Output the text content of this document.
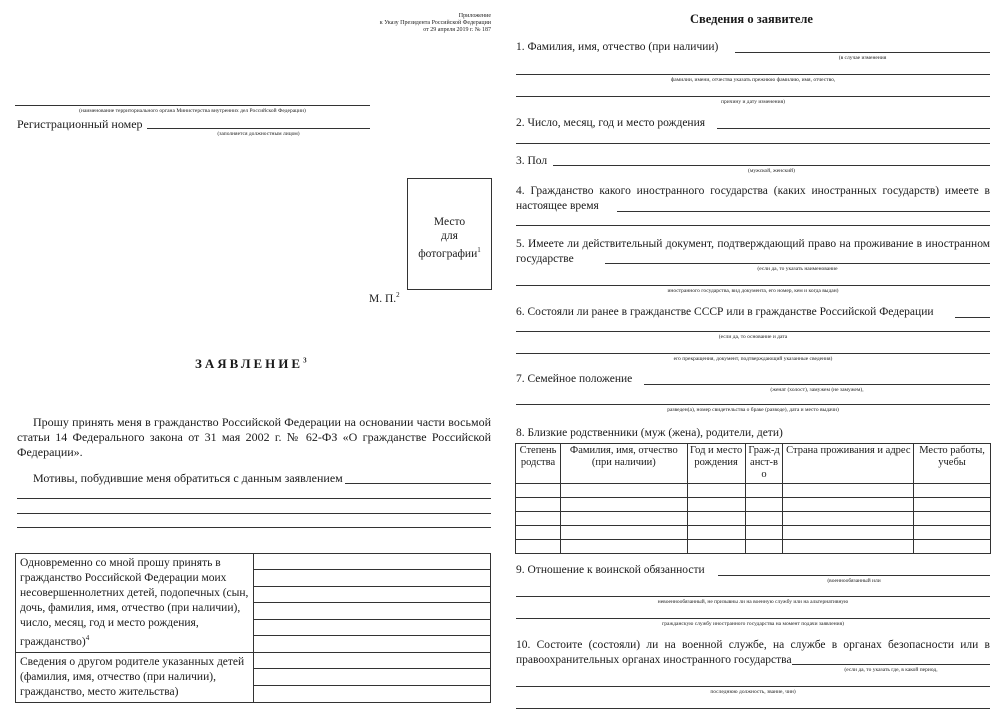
Приложение
к Указу Президента Российской Федерации
от 29 апреля 2019 г. № 187
(наименование территориального органа Министерства внутренних дел Российской Федерации)
Регистрационный номер
(заполняется должностным лицом)
Место
для
фотографии$^1$
М. П.$^2$
ЗАЯВЛЕНИЕ$^3$
Прошу принять меня в гражданство Российской Федерации на основании части восьмой статьи 14 Федерального закона от 31 мая 2002 г. № 62-ФЗ «О гражданстве Российской Федерации».
Мотивы, побудившие меня обратиться с данным заявлением
Одновременно со мной прошу принять в гражданство Российской Федерации моих несовершеннолетних детей, подопечных (сын, дочь, фамилия, имя, отчество (при наличии), число, месяц, год и место рождения, гражданство)$^4$	

Сведения о другом родителе указанных детей (фамилия, имя, отчество (при наличии), гражданство, место жительства)	

Сведения о заявителе
1. Фамилия, имя, отчество (при наличии)
(в случае изменения
фамилии, имени, отчества указать прежнюю фамилию, имя, отчество,
причину и дату изменения)
2. Число, месяц, год и место рождения
3. Пол
(мужской, женский)
4. Гражданство какого иностранного государства (каких иностранных государств) имеете в настоящее время
5. Имеете ли действительный документ, подтверждающий право на проживание в иностранном государстве
(если да, то указать наименование
иностранного государства, вид документа, его номер, кем и когда выдан)
6. Состояли ли ранее в гражданстве СССР или в гражданстве Российской Федерации
(если да, то основание и дата
его прекращения, документ, подтверждающий указанные сведения)
7. Семейное положение
(женат (холост), замужем (не замужем),
разведен(а), номер свидетельства о браке (разводе), дата и место выдачи)
8. Близкие родственники (муж (жена), родители, дети)
Степень родства	Фамилия, имя, отчество (при наличии)	Год и место рождения	Граж-данст-во	Страна проживания и адрес	Место работы, учебы

9. Отношение к воинской обязанности
(военнообязанный или
невоеннообязанный, не призывны ли на военную службу или на альтернативную
гражданскую службу иностранного государства на момент подачи заявления)
10. Состоите (состояли) ли на военной службе, на службе в органах безопасности или в правоохранительных органах иностранного государства
(если да, то указать где, в какой период,
последнюю должность, звание, чин)
